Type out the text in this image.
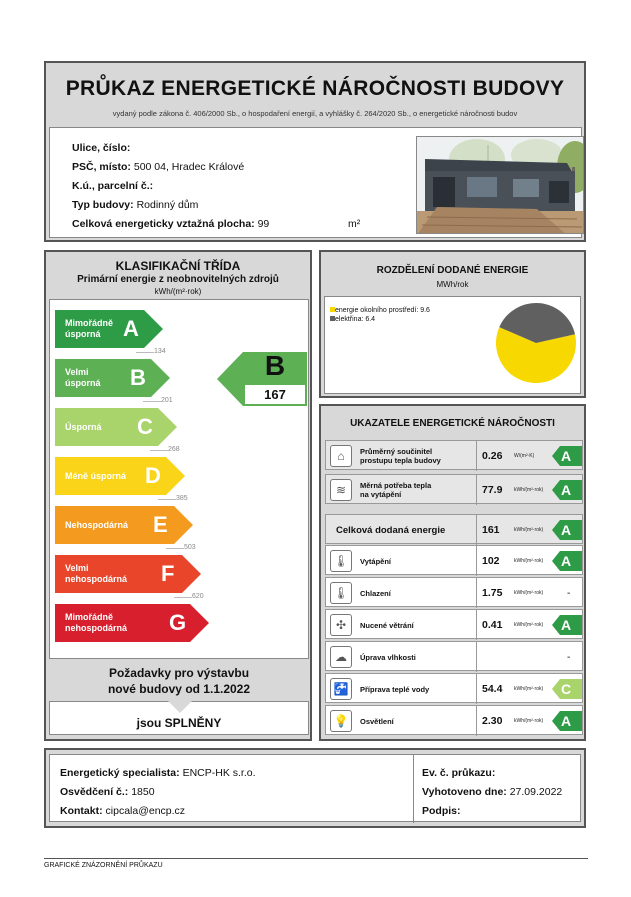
PRŮKAZ ENERGETICKÉ NÁROČNOSTI BUDOVY
vydaný podle zákona č. 406/2000 Sb., o hospodaření energií, a vyhlášky č. 264/2020 Sb., o energetické náročnosti budov
Ulice, číslo:
PSČ, místo: 500 04, Hradec Králové
K.ú., parcelní č.:
Typ budovy: Rodinný dům
Celková energeticky vztažná plocha: 99	m²
KLASIFIKAČNÍ TŘÍDA
Primární energie z neobnovitelných zdrojů
kWh/(m²·rok)
B
167
Mimořádně
úsporná	A
134
Velmi
úsporná B
201
Úsporná C
268
Méně úsporná D
385
Nehospodárná E
503
Velmi
nehospodárná F
620
Mimořádně
nehospodárná G
Požadavky pro výstavbu
nové budovy od 1.1.2022
jsou SPLNĚNY
ROZDĚLENÍ DODANÉ ENERGIE
MWh/rok
energie okolního prostředí: 9.6
elektřina: 6.4
UKAZATELE ENERGETICKÉ NÁROČNOSTI
⌂	Průměrný součinitel
prostupu tepla budovy	0.26 W/(m²·K) A
≋	Měrná potřeba tepla
na vytápění	77.9 kWh/(m²·rok) A
Celková dodaná energie	161	kWh/(m²·rok) A
🌡	Vytápění	102	kWh/(m²·rok) A
🌡	Chlazení	1.75 kWh/(m²·rok) -
✣	Nucené větrání	0.41 kWh/(m²·rok) A
☁	Úprava vlhkosti	-
🚰	Příprava teplé vody	54.4 kWh/(m²·rok) C
💡	Osvětlení	2.30 kWh/(m²·rok) A
Energetický specialista: ENCP-HK s.r.o.
Osvědčení č.: 1850
Kontakt: cipcala@encp.cz
Ev. č. průkazu:
Vyhotoveno dne: 27.09.2022
Podpis:
GRAFICKÉ ZNÁZORNĚNÍ PRŮKAZU
